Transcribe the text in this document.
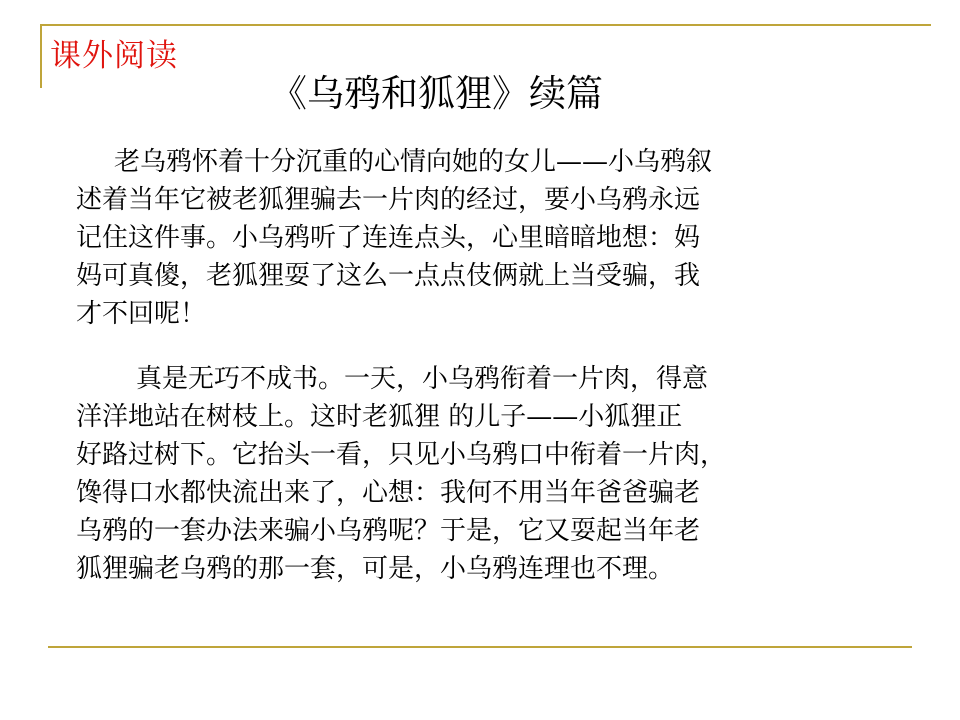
课外阅读
《乌鸦和狐狸》续篇
老乌鸦怀着十分沉重的心情向她的女儿——小乌鸦叙
述着当年它被老狐狸骗去一片肉的经过，要小乌鸦永远
记住这件事。小乌鸦听了连连点头，心里暗暗地想：妈
妈可真傻，老狐狸耍了这么一点点伎俩就上当受骗，我
才不回呢！
真是无巧不成书。一天，小乌鸦衔着一片肉，得意
洋洋地站在树枝上。这时老狐狸 的儿子——小狐狸正
好路过树下。它抬头一看，只见小乌鸦口中衔着一片肉，
馋得口水都快流出来了，心想：我何不用当年爸爸骗老
乌鸦的一套办法来骗小乌鸦呢？于是，它又耍起当年老
狐狸骗老乌鸦的那一套，可是，小乌鸦连理也不理。
